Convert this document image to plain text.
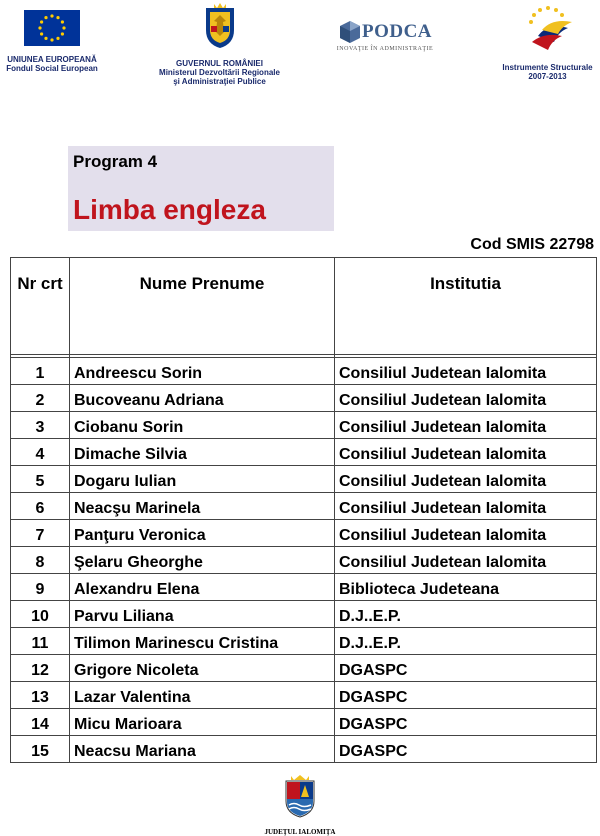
UNIUNEA EUROPEANĂ
Fondul Social European
GUVERNUL ROMÂNIEI
Ministerul Dezvoltării Regionale
şi Administraţiei Publice
PODCA
INOVAŢIE ÎN ADMINISTRAŢIE
Instrumente Structurale
2007-2013
Program 4
Limba engleza
Cod SMIS 22798
Nr crt	Nume Prenume	Institutia

1	Andreescu Sorin	Consiliul Judetean Ialomita
2	Bucoveanu Adriana	Consiliul Judetean Ialomita
3	Ciobanu Sorin	Consiliul Judetean Ialomita
4	Dimache Silvia	Consiliul Judetean Ialomita
5	Dogaru Iulian	Consiliul Judetean Ialomita
6	Neacşu Marinela	Consiliul Judetean Ialomita
7	Panţuru Veronica	Consiliul Judetean Ialomita
8	Şelaru Gheorghe	Consiliul Judetean Ialomita
9	Alexandru Elena	Biblioteca Judeteana
10	Parvu Liliana	D.J..E.P.
11	Tilimon Marinescu Cristina	D.J..E.P.
12	Grigore Nicoleta	DGASPC
13	Lazar Valentina	DGASPC
14	Micu Marioara	DGASPC
15	Neacsu Mariana	DGASPC
JUDEŢUL IALOMIŢA
